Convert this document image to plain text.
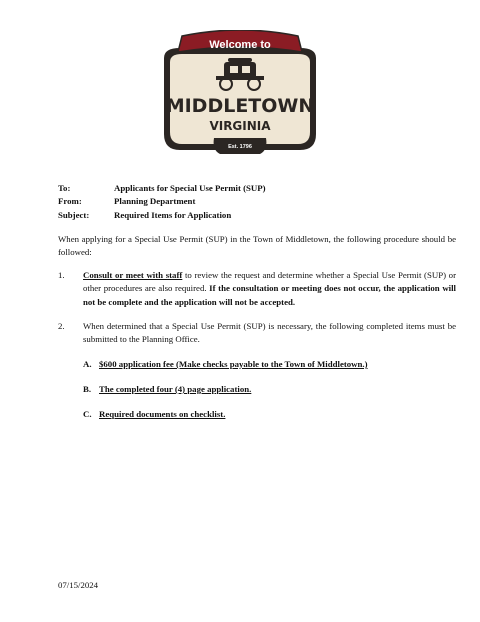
Welcome to
MIDDLETOWN
VIRGINIA
Est. 1796
To:	Applicants for Special Use Permit (SUP)
From:	Planning Department
Subject:	Required Items for Application
When applying for a Special Use Permit (SUP) in the Town of Middletown, the following procedure should be followed:
1.	Consult or meet with staff to review the request and determine whether a Special Use Permit (SUP) or other procedures are also required. If the consultation or meeting does not occur, the application will not be complete and the application will not be accepted.
2.	When determined that a Special Use Permit (SUP) is necessary, the following completed items must be submitted to the Planning Office.
A. $600 application fee (Make checks payable to the Town of Middletown.)
B. The completed four (4) page application.
C. Required documents on checklist.
07/15/2024
